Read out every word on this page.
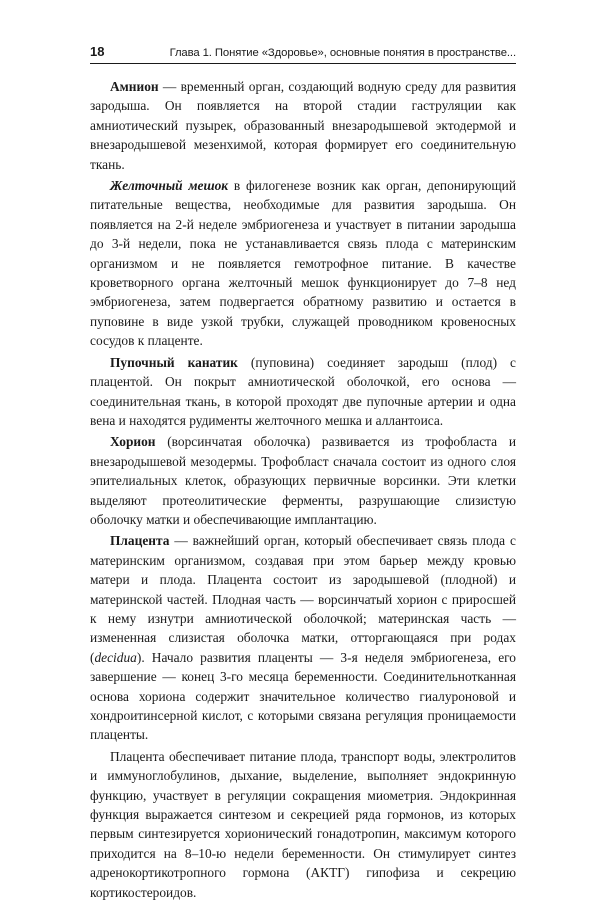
18	Глава 1. Понятие «Здоровье», основные понятия в пространстве...

Амнион — временный орган, создающий водную среду для развития зародыша. Он появляется на второй стадии гаструляции как амниотический пузырек, образованный внезародышевой эктодермой и внезародышевой мезенхимой, которая формирует его соединительную ткань.

Желточный мешок в филогенезе возник как орган, депонирующий питательные вещества, необходимые для развития зародыша. Он появляется на 2-й неделе эмбриогенеза и участвует в питании зародыша до 3-й недели, пока не устанавливается связь плода с материнским организмом и не появляется гемотрофное питание. В качестве кроветворного органа желточный мешок функционирует до 7–8 нед эмбриогенеза, затем подвергается обратному развитию и остается в пуповине в виде узкой трубки, служащей проводником кровеносных сосудов к плаценте.

Пупочный канатик (пуповина) соединяет зародыш (плод) с плацентой. Он покрыт амниотической оболочкой, его основа — соединительная ткань, в которой проходят две пупочные артерии и одна вена и находятся рудименты желточного мешка и аллантоиса.

Хорион (ворсинчатая оболочка) развивается из трофобласта и внезародышевой мезодермы. Трофобласт сначала состоит из одного слоя эпителиальных клеток, образующих первичные ворсинки. Эти клетки выделяют протеолитические ферменты, разрушающие слизистую оболочку матки и обеспечивающие имплантацию.

Плацента — важнейший орган, который обеспечивает связь плода с материнским организмом, создавая при этом барьер между кровью матери и плода. Плацента состоит из зародышевой (плодной) и материнской частей. Плодная часть — ворсинчатый хорион с приросшей к нему изнутри амниотической оболочкой; материнская часть — измененная слизистая оболочка матки, отторгающаяся при родах (decidua). Начало развития плаценты — 3-я неделя эмбриогенеза, его завершение — конец 3-го месяца беременности. Соединительнотканная основа хориона содержит значительное количество гиалуроновой и хондроитинсерной кислот, с которыми связана регуляция проницаемости плаценты.

Плацента обеспечивает питание плода, транспорт воды, электролитов и иммуноглобулинов, дыхание, выделение, выполняет эндокринную функцию, участвует в регуляции сокращения миометрия. Эндокринная функция выражается синтезом и секрецией ряда гормонов, из которых первым синтезируется хорионический гонадотропин, максимум которого приходится на 8–10-ю недели беременности. Он стимулирует синтез адренокортикотропного гормона (АКТГ) гипофиза и секрецию кортикостероидов.
